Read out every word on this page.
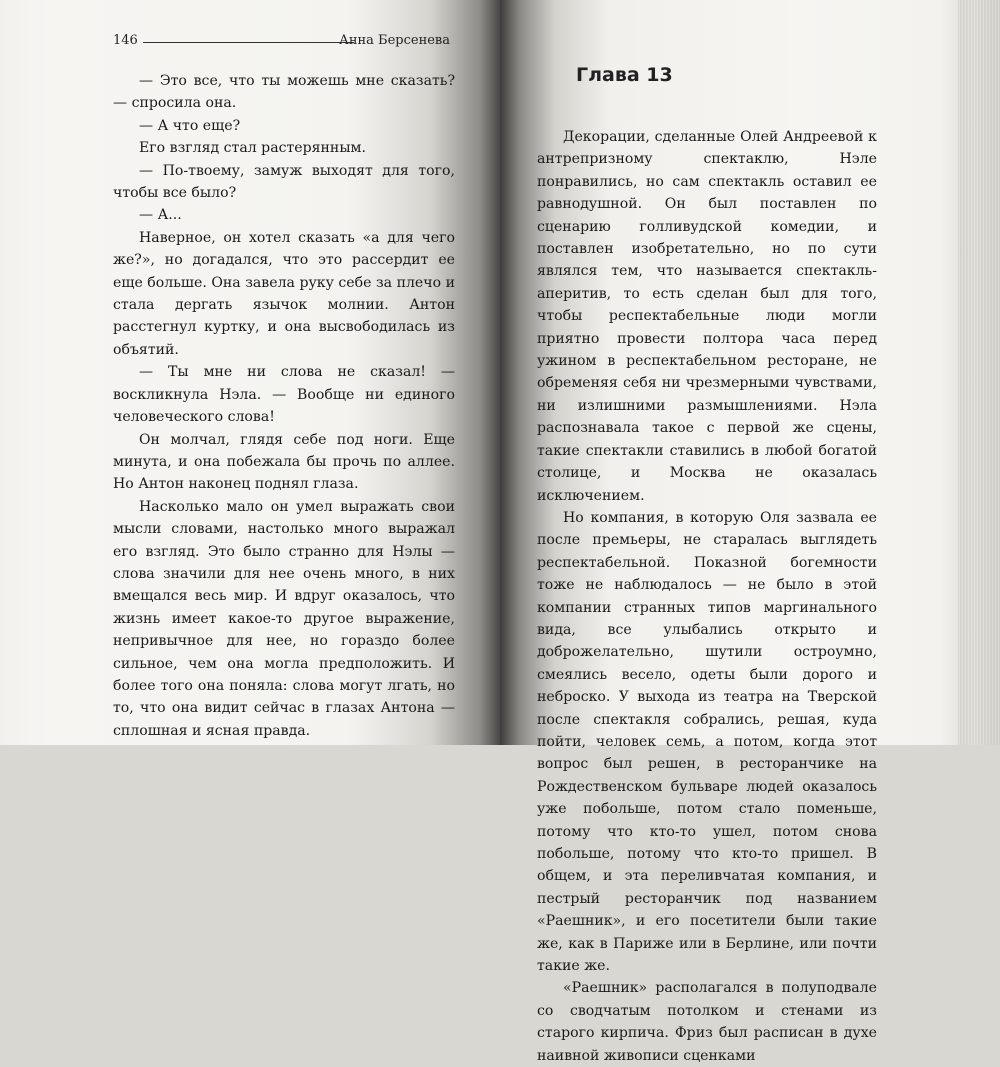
146	Анна Берсенева

— Это все, что ты можешь мне сказать? — спросила она.

— А что еще?

Его взгляд стал растерянным.

— По-твоему, замуж выходят для того, чтобы все было?

— А...

Наверное, он хотел сказать «а для чего же?», но догадался, что это рассердит ее еще больше. Она завела руку себе за плечо и стала дергать язычок молнии. Антон расстегнул куртку, и она высвободилась из объятий.

— Ты мне ни слова не сказал! — воскликнула Нэла. — Вообще ни единого человеческого слова!

Он молчал, глядя себе под ноги. Еще минута, и она побежала бы прочь по аллее. Но Антон наконец поднял глаза.

Насколько мало он умел выражать свои мысли словами, настолько много выражал его взгляд. Это было странно для Нэлы — слова значили для нее очень много, в них вмещался весь мир. И вдруг оказалось, что жизнь имеет какое-то другое выражение, непривычное для нее, но гораздо более сильное, чем она могла предположить. И более того она поняла: слова могут лгать, но то, что она видит сейчас в глазах Антона — сплошная и ясная правда.

Глава 13

Декорации, сделанные Олей Андреевой к антрепризному спектаклю, Нэле понравились, но сам спектакль оставил ее равнодушной. Он был поставлен по сценарию голливудской комедии, и поставлен изобретательно, но по сути являлся тем, что называется спектакль-аперитив, то есть сделан был для того, чтобы респектабельные люди могли приятно провести полтора часа перед ужином в респектабельном ресторане, не обременяя себя ни чрезмерными чувствами, ни излишними размышлениями. Нэла распознавала такое с первой же сцены, такие спектакли ставились в любой богатой столице, и Москва не оказалась исключением.

Но компания, в которую Оля зазвала ее после премьеры, не старалась выглядеть респектабельной. Показной богемности тоже не наблюдалось — не было в этой компании странных типов маргинального вида, все улыбались открыто и доброжелательно, шутили остроумно, смеялись весело, одеты были дорого и неброско. У выхода из театра на Тверской после спектакля собрались, решая, куда пойти, человек семь, а потом, когда этот вопрос был решен, в ресторанчике на Рождественском бульваре людей оказалось уже побольше, потом стало поменьше, потому что кто-то ушел, потом снова побольше, потому что кто-то пришел. В общем, и эта переливчатая компания, и пестрый ресторанчик под названием «Раешник», и его посетители были такие же, как в Париже или в Берлине, или почти такие же.

«Раешник» располагался в полуподвале со сводчатым потолком и стенами из старого кирпича. Фриз был расписан в духе наивной живописи сценками
